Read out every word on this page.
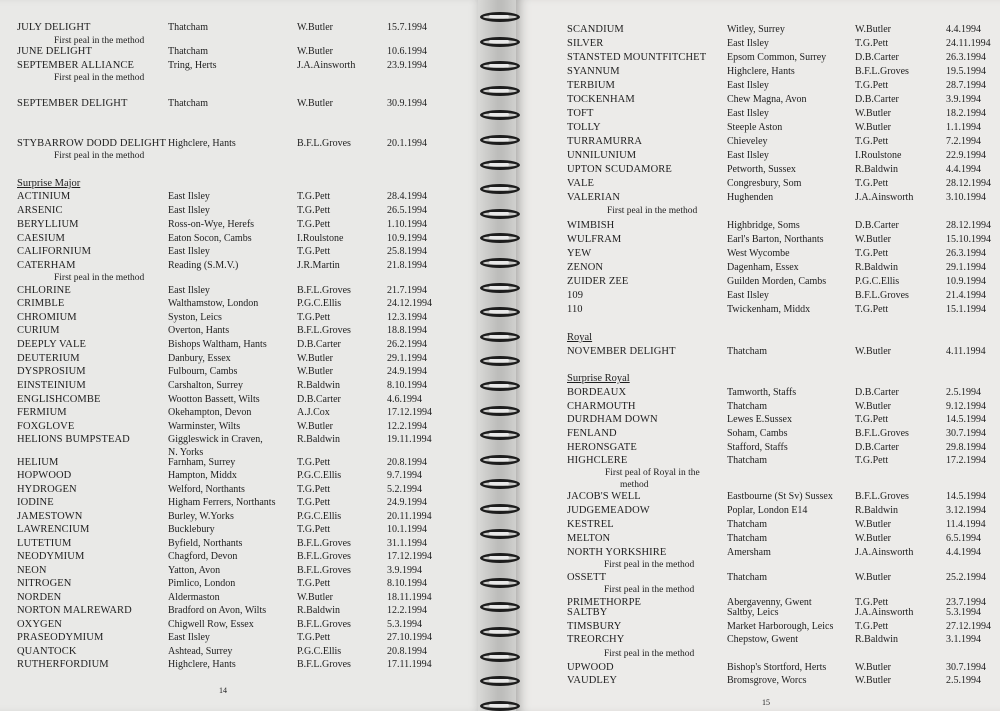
JULY DELIGHT	Thatcham	W.Butler	15.7.1994
JUNE DELIGHT	Thatcham	W.Butler	10.6.1994
SEPTEMBER ALLIANCE	Tring, Herts	J.A.Ainsworth	23.9.1994
SEPTEMBER DELIGHT	Thatcham	W.Butler	30.9.1994
STYBARROW DODD DELIGHT Highclere, Hants	B.F.L.Groves	20.1.1994
First peal in the method
First peal in the method
First peal in the method
Surprise Major
ACTINIUM	East Ilsley	T.G.Pett	28.4.1994
ARSENIC	East Ilsley	T.G.Pett	26.5.1994
BERYLLIUM	Ross-on-Wye, Herefs	T.G.Pett	1.10.1994
CAESIUM	Eaton Socon, Cambs	I.Roulstone	10.9.1994
CALIFORNIUM	East Ilsley	T.G.Pett	25.8.1994
CATERHAM	Reading (S.M.V.)	J.R.Martin	21.8.1994
CHLORINE	East Ilsley	B.F.L.Groves	21.7.1994
CRIMBLE	Walthamstow, London	P.G.C.Ellis	24.12.1994
CHROMIUM	Syston, Leics	T.G.Pett	12.3.1994
CURIUM	Overton, Hants	B.F.L.Groves	18.8.1994
DEEPLY VALE	Bishops Waltham, Hants	D.B.Carter	26.2.1994
DEUTERIUM	Danbury, Essex	W.Butler	29.1.1994
DYSPROSIUM	Fulbourn, Cambs	W.Butler	24.9.1994
EINSTEINIUM	Carshalton, Surrey	R.Baldwin	8.10.1994
ENGLISHCOMBE	Wootton Bassett, Wilts	D.B.Carter	4.6.1994
FERMIUM	Okehampton, Devon	A.J.Cox	17.12.1994
FOXGLOVE	Warminster, Wilts	W.Butler	12.2.1994
HELIONS BUMPSTEAD	Giggleswick in Craven,	R.Baldwin	19.11.1994
First peal in the method
N. Yorks
HELIUM	Farnham, Surrey	T.G.Pett	20.8.1994
HOPWOOD	Hampton, Middx	P.G.C.Ellis	9.7.1994
HYDROGEN	Welford, Northants	T.G.Pett	5.2.1994
IODINE	Higham Ferrers, Northants T.G.Pett	24.9.1994
JAMESTOWN	Burley, W.Yorks	P.G.C.Ellis	20.11.1994
LAWRENCIUM	Bucklebury	T.G.Pett	10.1.1994
LUTETIUM	Byfield, Northants	B.F.L.Groves	31.1.1994
NEODYMIUM	Chagford, Devon	B.F.L.Groves	17.12.1994
NEON	Yatton, Avon	B.F.L.Groves	3.9.1994
NITROGEN	Pimlico, London	T.G.Pett	8.10.1994
NORDEN	Aldermaston	W.Butler	18.11.1994
NORTON MALREWARD	Bradford on Avon, Wilts	R.Baldwin	12.2.1994
OXYGEN	Chigwell Row, Essex	B.F.L.Groves	5.3.1994
PRASEODYMIUM	East Ilsley	T.G.Pett	27.10.1994
QUANTOCK	Ashtead, Surrey	P.G.C.Ellis	20.8.1994
RUTHERFORDIUM	Highclere, Hants	B.F.L.Groves	17.11.1994
14
SCANDIUM	Witley, Surrey	W.Butler	4.4.1994
SILVER	East Ilsley	T.G.Pett	24.11.1994
STANSTED MOUNTFITCHET Epsom Common, Surrey	D.B.Carter	26.3.1994
SYANNUM	Highclere, Hants	B.F.L.Groves	19.5.1994
TERBIUM	East Ilsley	T.G.Pett	28.7.1994
TOCKENHAM	Chew Magna, Avon	D.B.Carter	3.9.1994
TOFT	East Ilsley	W.Butler	18.2.1994
TOLLY	Steeple Aston	W.Butler	1.1.1994
TURRAMURRA	Chieveley	T.G.Pett	7.2.1994
UNNILUNIUM	East Ilsley	I.Roulstone	22.9.1994
UPTON SCUDAMORE	Petworth, Sussex	R.Baldwin	4.4.1994
VALE	Congresbury, Som	T.G.Pett	28.12.1994
VALERIAN	Hughenden	J.A.Ainsworth	3.10.1994
First peal in the method
WIMBISH	Highbridge, Soms	D.B.Carter	28.12.1994
WULFRAM	Earl's Barton, Northants	W.Butler	15.10.1994
YEW	West Wycombe	T.G.Pett	26.3.1994
ZENON	Dagenham, Essex	R.Baldwin	29.1.1994
ZUIDER ZEE	Guilden Morden, Cambs	P.G.C.Ellis	10.9.1994
109	East Ilsley	B.F.L.Groves	21.4.1994
110	Twickenham, Middx	T.G.Pett	15.1.1994
Royal
NOVEMBER DELIGHT	Thatcham	W.Butler	4.11.1994
Surprise Royal
BORDEAUX	Tamworth, Staffs	D.B.Carter	2.5.1994
CHARMOUTH	Thatcham	W.Butler	9.12.1994
DURDHAM DOWN	Lewes E.Sussex	T.G.Pett	14.5.1994
FENLAND	Soham, Cambs	B.F.L.Groves	30.7.1994
HERONSGATE	Stafford, Staffs	D.B.Carter	29.8.1994
HIGHCLERE	Thatcham	T.G.Pett	17.2.1994
First peal of Royal in the
method
JACOB'S WELL	Eastbourne (St Sv) Sussex B.F.L.Groves	14.5.1994
JUDGEMEADOW	Poplar, London E14	R.Baldwin	3.12.1994
KESTREL	Thatcham	W.Butler	11.4.1994
MELTON	Thatcham	W.Butler	6.5.1994
NORTH YORKSHIRE	Amersham	J.A.Ainsworth	4.4.1994
OSSETT	Thatcham	W.Butler	25.2.1994
PRIMETHORPE	Abergavenny, Gwent	T.G.Pett	23.7.1994
SALTBY	Saltby, Leics	J.A.Ainsworth	5.3.1994
TIMSBURY	Market Harborough, Leics T.G.Pett	27.12.1994
TREORCHY	Chepstow, Gwent	R.Baldwin	3.1.1994
UPWOOD	Bishop's Stortford, Herts	W.Butler	30.7.1994
VAUDLEY	Bromsgrove, Worcs	W.Butler	2.5.1994
First peal in the method
First peal in the method
First peal in the method
15
